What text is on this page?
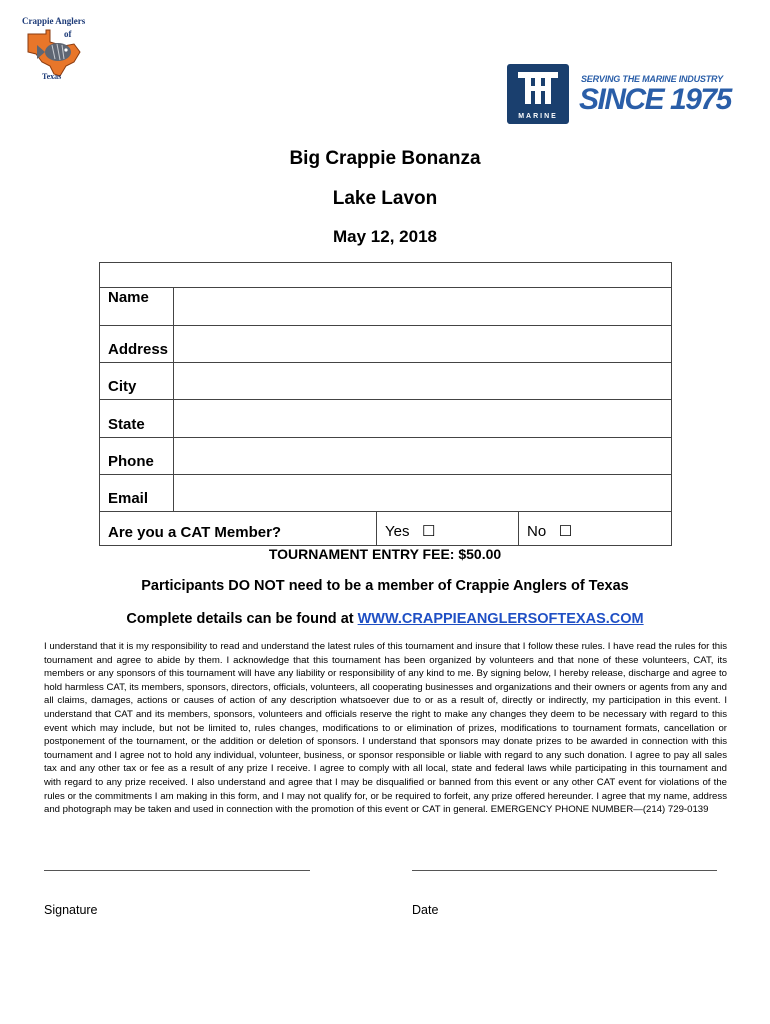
Crappie Anglers
of
Texas
MARINE
SERVING THE MARINE INDUSTRY
SINCE 1975
Big Crappie Bonanza
Lake Lavon
May 12, 2018
Name
Address
City
State
Phone
Email
Are you a CAT Member?	Yes ☐	No ☐
TOURNAMENT ENTRY FEE: $50.00
Participants DO NOT need to be a member of Crappie Anglers of Texas
Complete details can be found at WWW.CRAPPIEANGLERSOFTEXAS.COM
I understand that it is my responsibility to read and understand the latest rules of this tournament and insure that I follow these rules. I have read the rules for this tournament and agree to abide by them. I acknowledge that this tournament has been organized by volunteers and that none of these volunteers, CAT, its members or any sponsors of this tournament will have any liability or responsibility of any kind to me. By signing below, I hereby release, discharge and agree to hold harmless CAT, its members, sponsors, directors, officials, volunteers, all cooperating businesses and organizations and their owners or agents from any and all claims, damages, actions or causes of action of any description whatsoever due to or as a result of, directly or indirectly, my participation in this event. I understand that CAT and its members, sponsors, volunteers and officials reserve the right to make any changes they deem to be necessary with regard to this event which may include, but not be limited to, rules changes, modifications to or elimination of prizes, modifications to tournament formats, cancellation or postponement of the tournament, or the addition or deletion of sponsors. I understand that sponsors may donate prizes to be awarded in connection with this tournament and I agree not to hold any individual, volunteer, business, or sponsor responsible or liable with regard to any such donation. I agree to pay all sales tax and any other tax or fee as a result of any prize I receive. I agree to comply with all local, state and federal laws while participating in this tournament and with regard to any prize received. I also understand and agree that I may be disqualified or banned from this event or any other CAT event for violations of the rules or the commitments I am making in this form, and I may not qualify for, or be required to forfeit, any prize offered hereunder. I agree that my name, address and photograph may be taken and used in connection with the promotion of this event or CAT in general. EMERGENCY PHONE NUMBER—(214) 729-0139
Signature	Date
